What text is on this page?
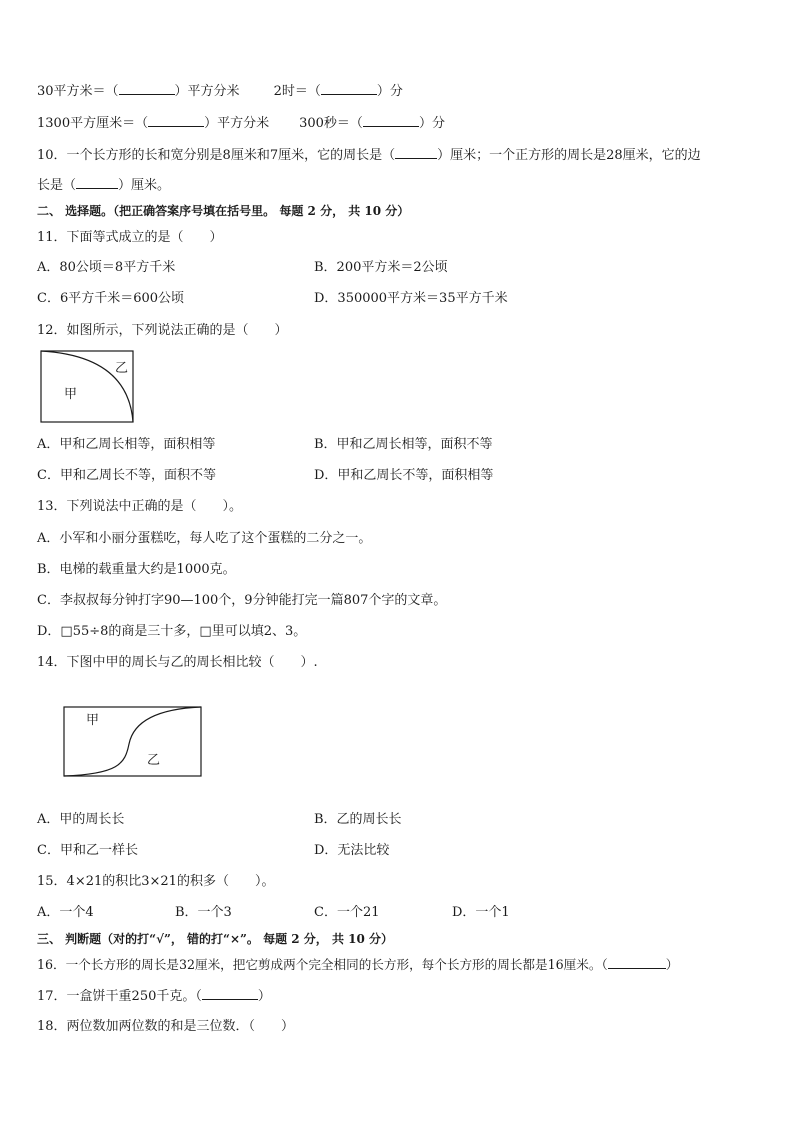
30平方米＝（	）平方分米	2时＝（	）分
1300平方厘米＝（	）平方分米 300秒＝（	）分
10．一个长方形的长和宽分别是8厘米和7厘米，它的周长是（	）厘米；一个正方形的周长是28厘米，它的边
长是（	）厘米。
二、 选择题。（把正确答案序号填在括号里。 每题 2 分， 共 10 分）
11．下面等式成立的是（　　）
A．80公顷＝8平方千米	B．200平方米＝2公顷
C．6平方千米＝600公顷	D．350000平方米＝35平方千米
12．如图所示，下列说法正确的是（　　）
甲
乙
A．甲和乙周长相等，面积相等	B．甲和乙周长相等，面积不等
C．甲和乙周长不等，面积不等	D．甲和乙周长不等，面积相等
13．下列说法中正确的是（　　）。
A．小军和小丽分蛋糕吃，每人吃了这个蛋糕的二分之一。
B．电梯的载重量大约是1000克。
C．李叔叔每分钟打字90—100个，9分钟能打完一篇807个字的文章。
D．□55÷8的商是三十多，□里可以填2、3。
14．下图中甲的周长与乙的周长相比较（　　）.
甲
乙
A．甲的周长长	B．乙的周长长
C．甲和乙一样长	D．无法比较
15．4×21的积比3×21的积多（　　）。
A．一个4	B．一个3	C．一个21	D．一个1
三、 判断题（对的打“√”， 错的打“×”。 每题 2 分， 共 10 分）
16．一个长方形的周长是32厘米，把它剪成两个完全相同的长方形，每个长方形的周长都是16厘米。（	）
17．一盒饼干重250千克。（	）
18．两位数加两位数的和是三位数．（　　）
